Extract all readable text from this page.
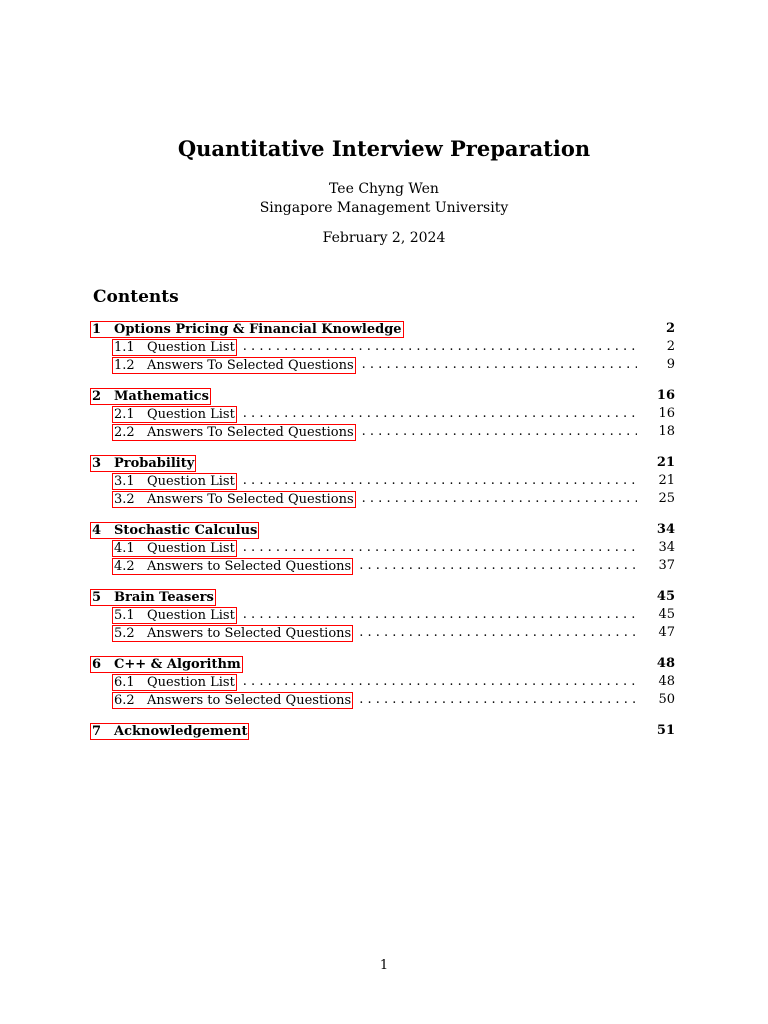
Quantitative Interview Preparation
Tee Chyng Wen
Singapore Management University
February 2, 2024
Contents
1 Options Pricing & Financial Knowledge	2
1.1 Question List . . .	2
1.2 Answers To Selected Questions . . .	9
2 Mathematics	16
2.1 Question List . . .	16
2.2 Answers To Selected Questions . . .	18
3 Probability	21
3.1 Question List . . .	21
3.2 Answers To Selected Questions . . .	25
4 Stochastic Calculus	34
4.1 Question List . . .	34
4.2 Answers to Selected Questions . . .	37
5 Brain Teasers	45
5.1 Question List . . .	45
5.2 Answers to Selected Questions . . .	47
6 C++ & Algorithm	48
6.1 Question List . . .	48
6.2 Answers to Selected Questions . . .	50
7 Acknowledgement	51
1
